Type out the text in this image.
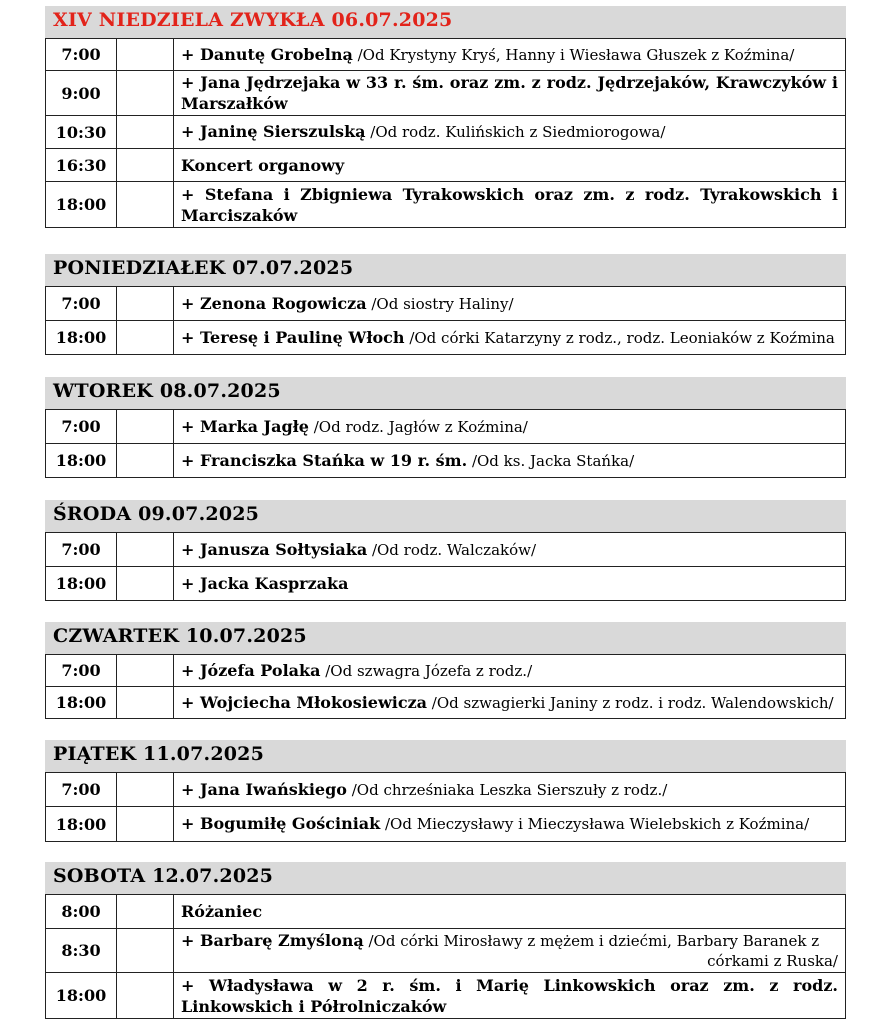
XIV NIEDZIELA ZWYKŁA 06.07.2025
7:00		+ Danutę Grobelną /Od Krystyny Kryś, Hanny i Wiesława Głuszek z Koźmina/
9:00		+ Jana Jędrzejaka w 33 r. śm. oraz zm. z rodz. Jędrzejaków, Krawczyków i Marszałków
10:30		+ Janinę Sierszulską /Od rodz. Kulińskich z Siedmiorogowa/
16:30		Koncert organowy
18:00		+ Stefana i Zbigniewa Tyrakowskich oraz zm. z rodz. Tyrakowskich i Marciszaków
PONIEDZIAŁEK 07.07.2025
7:00		+ Zenona Rogowicza /Od siostry Haliny/
18:00		+ Teresę i Paulinę Włoch /Od córki Katarzyny z rodz., rodz. Leoniaków z Koźmina
WTOREK 08.07.2025
7:00		+ Marka Jagłę /Od rodz. Jagłów z Koźmina/
18:00		+ Franciszka Stańka w 19 r. śm. /Od ks. Jacka Stańka/
ŚRODA 09.07.2025
7:00		+ Janusza Sołtysiaka /Od rodz. Walczaków/
18:00		+ Jacka Kasprzaka
CZWARTEK 10.07.2025
7:00		+ Józefa Polaka /Od szwagra Józefa z rodz./
18:00		+ Wojciecha Młokosiewicza /Od szwagierki Janiny z rodz. i rodz. Walendowskich/
PIĄTEK 11.07.2025
7:00		+ Jana Iwańskiego /Od chrześniaka Leszka Sierszuły z rodz./
18:00		+ Bogumiłę Gościniak /Od Mieczysławy i Mieczysława Wielebskich z Koźmina/
SOBOTA 12.07.2025
8:00		Różaniec
8:30		+ Barbarę Zmyśloną /Od córki Mirosławy z mężem i dziećmi, Barbary Baranek z
córkami z Ruska/

18:00		+ Władysława w 2 r. śm. i Marię Linkowskich oraz zm. z rodz. Linkowskich i Półrolniczaków
